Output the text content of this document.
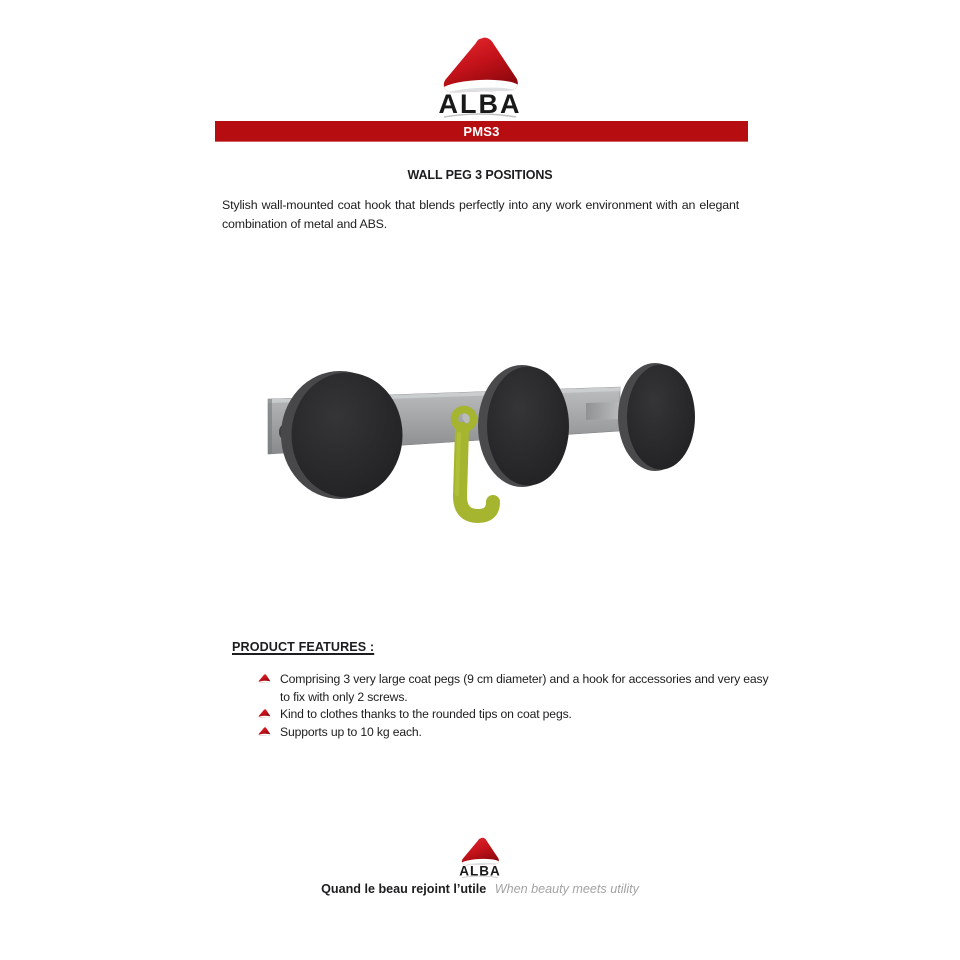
ALBA
PMS3
WALL PEG 3 POSITIONS
Stylish wall-mounted coat hook that blends perfectly into any work environment with an elegant combination of metal and ABS.
PRODUCT FEATURES :
Comprising 3 very large coat pegs (9 cm diameter) and a hook for accessories and very easy to fix with only 2 screws.
Kind to clothes thanks to the rounded tips on coat pegs.
Supports up to 10 kg each.
ALBA
Quand le beau rejoint l’utile When beauty meets utility
